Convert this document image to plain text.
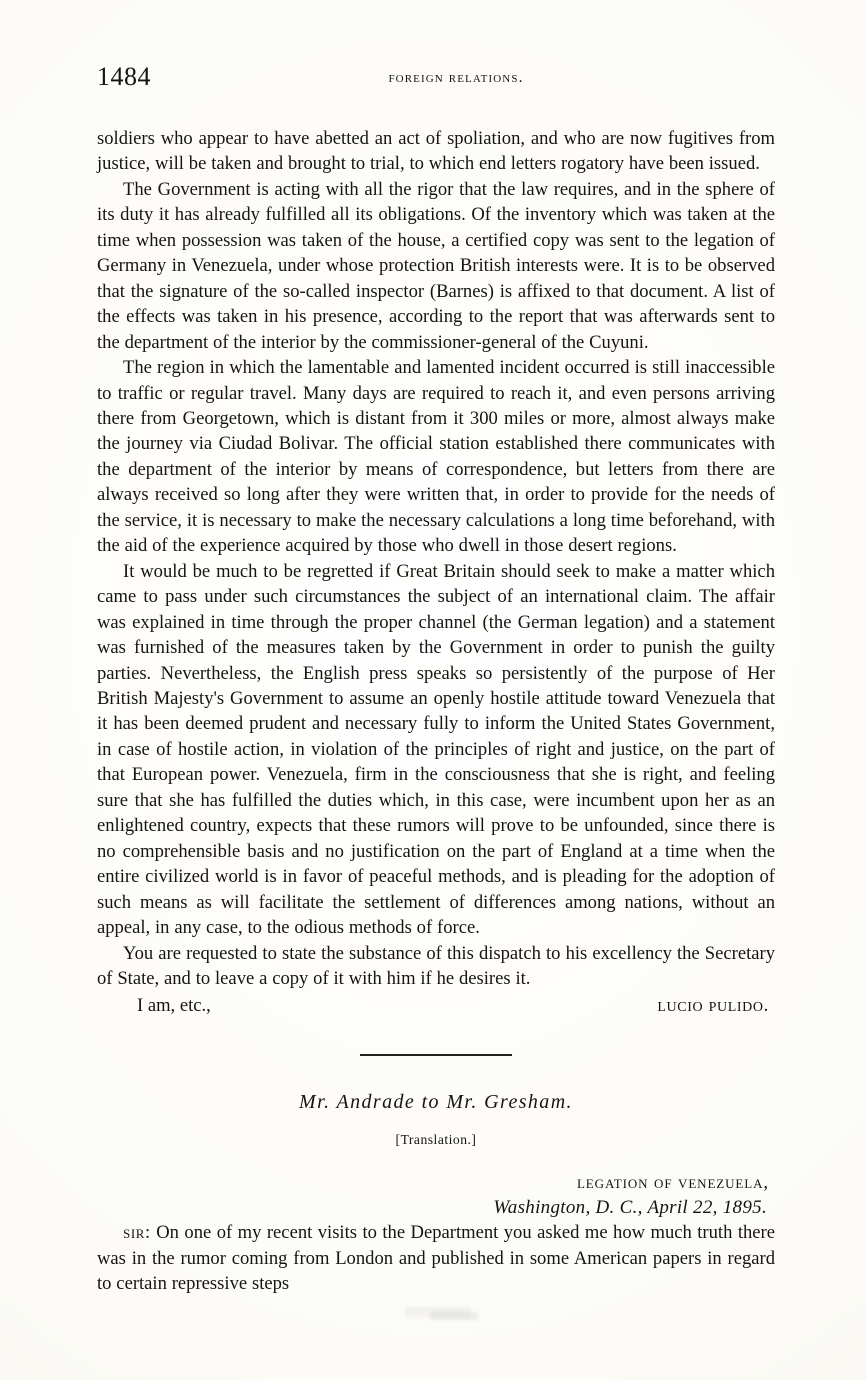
1484	foreign relations.

soldiers who appear to have abetted an act of spoliation, and who are now fugitives from justice, will be taken and brought to trial, to which end letters rogatory have been issued.

The Government is acting with all the rigor that the law requires, and in the sphere of its duty it has already fulfilled all its obligations. Of the inventory which was taken at the time when possession was taken of the house, a certified copy was sent to the legation of Germany in Venezuela, under whose protection British interests were. It is to be observed that the signature of the so-called inspector (Barnes) is affixed to that document. A list of the effects was taken in his presence, according to the report that was afterwards sent to the department of the interior by the commissioner-general of the Cuyuni.

The region in which the lamentable and lamented incident occurred is still inaccessible to traffic or regular travel. Many days are required to reach it, and even persons arriving there from Georgetown, which is distant from it 300 miles or more, almost always make the journey via Ciudad Bolivar. The official station established there communicates with the department of the interior by means of correspondence, but letters from there are always received so long after they were written that, in order to provide for the needs of the service, it is necessary to make the necessary calculations a long time beforehand, with the aid of the experience acquired by those who dwell in those desert regions.

It would be much to be regretted if Great Britain should seek to make a matter which came to pass under such circumstances the subject of an international claim. The affair was explained in time through the proper channel (the German legation) and a statement was furnished of the measures taken by the Government in order to punish the guilty parties. Nevertheless, the English press speaks so persistently of the purpose of Her British Majesty's Government to assume an openly hostile attitude toward Venezuela that it has been deemed prudent and necessary fully to inform the United States Government, in case of hostile action, in violation of the principles of right and justice, on the part of that European power. Venezuela, firm in the consciousness that she is right, and feeling sure that she has fulfilled the duties which, in this case, were incumbent upon her as an enlightened country, expects that these rumors will prove to be unfounded, since there is no comprehensible basis and no justification on the part of England at a time when the entire civilized world is in favor of peaceful methods, and is pleading for the adoption of such means as will facilitate the settlement of differences among nations, without an appeal, in any case, to the odious methods of force.

You are requested to state the substance of this dispatch to his excellency the Secretary of State, and to leave a copy of it with him if he desires it.

I am, etc.,	lucio pulido.
Mr. Andrade to Mr. Gresham.
[Translation.]
legation of venezuela,
Washington, D. C., April 22, 1895.

sir: On one of my recent visits to the Department you asked me how much truth there was in the rumor coming from London and published in some American papers in regard to certain repressive steps
